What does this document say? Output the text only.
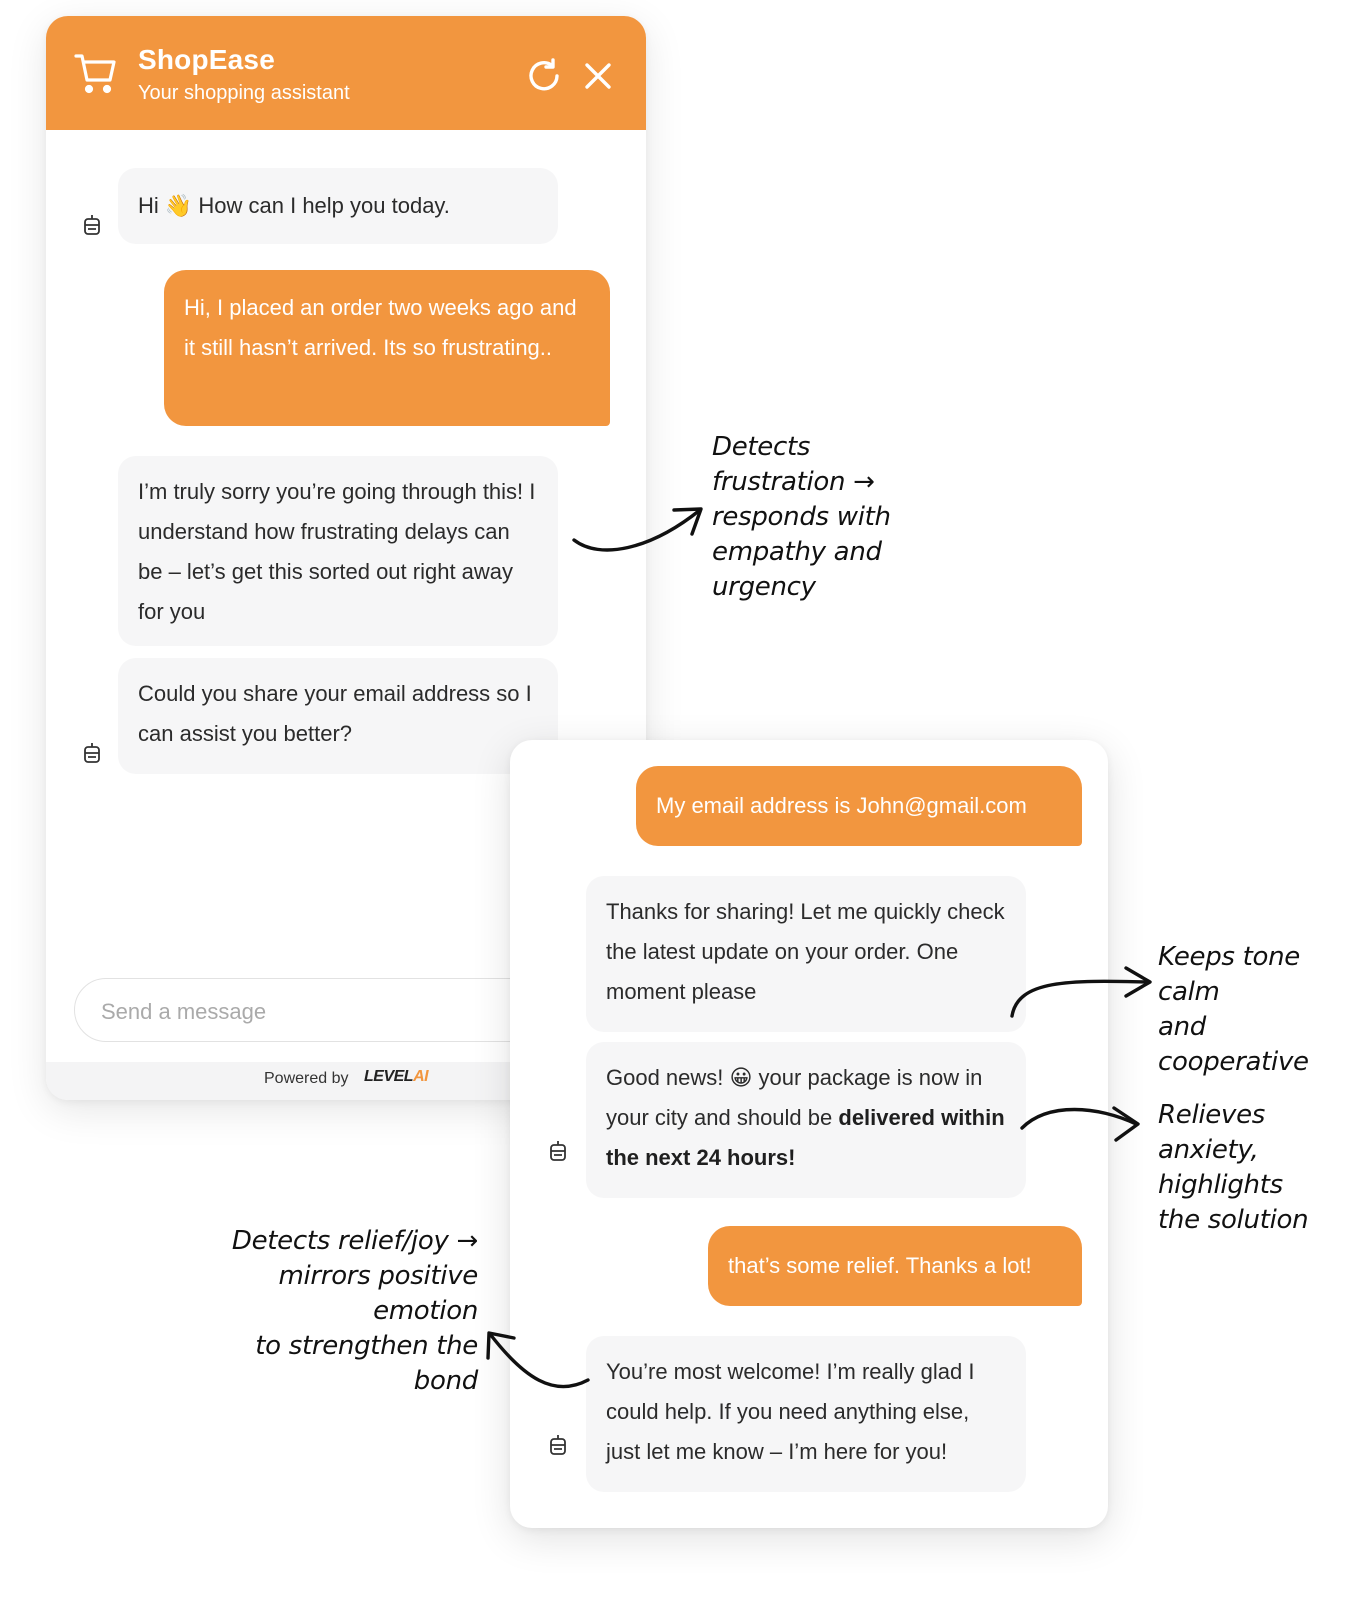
ShopEase
Your shopping assistant
Hi 👋 How can I help you today.
Hi, I placed an order two weeks ago and it still hasn’t arrived. Its so frustrating..
I’m truly sorry you’re going through this! I understand how frustrating delays can be – let’s get this sorted out right away for you
Could you share your email address so I can assist you better?
Send a message
Powered by LEVELAI
My email address is John@gmail.com
Thanks for sharing! Let me quickly check the latest update on your order. One moment please
Good news! 😀 your package is now in your city and should be delivered within the next 24 hours!
that’s some relief. Thanks a lot!
You’re most welcome! I’m really glad I could help. If you need anything else, just let me know – I’m here for you!
Detects
frustration →
responds with
empathy and
urgency
Keeps tone calm
and cooperative
Relieves
anxiety, highlights
the solution
Detects relief/joy →
mirrors positive emotion
to strengthen the bond
